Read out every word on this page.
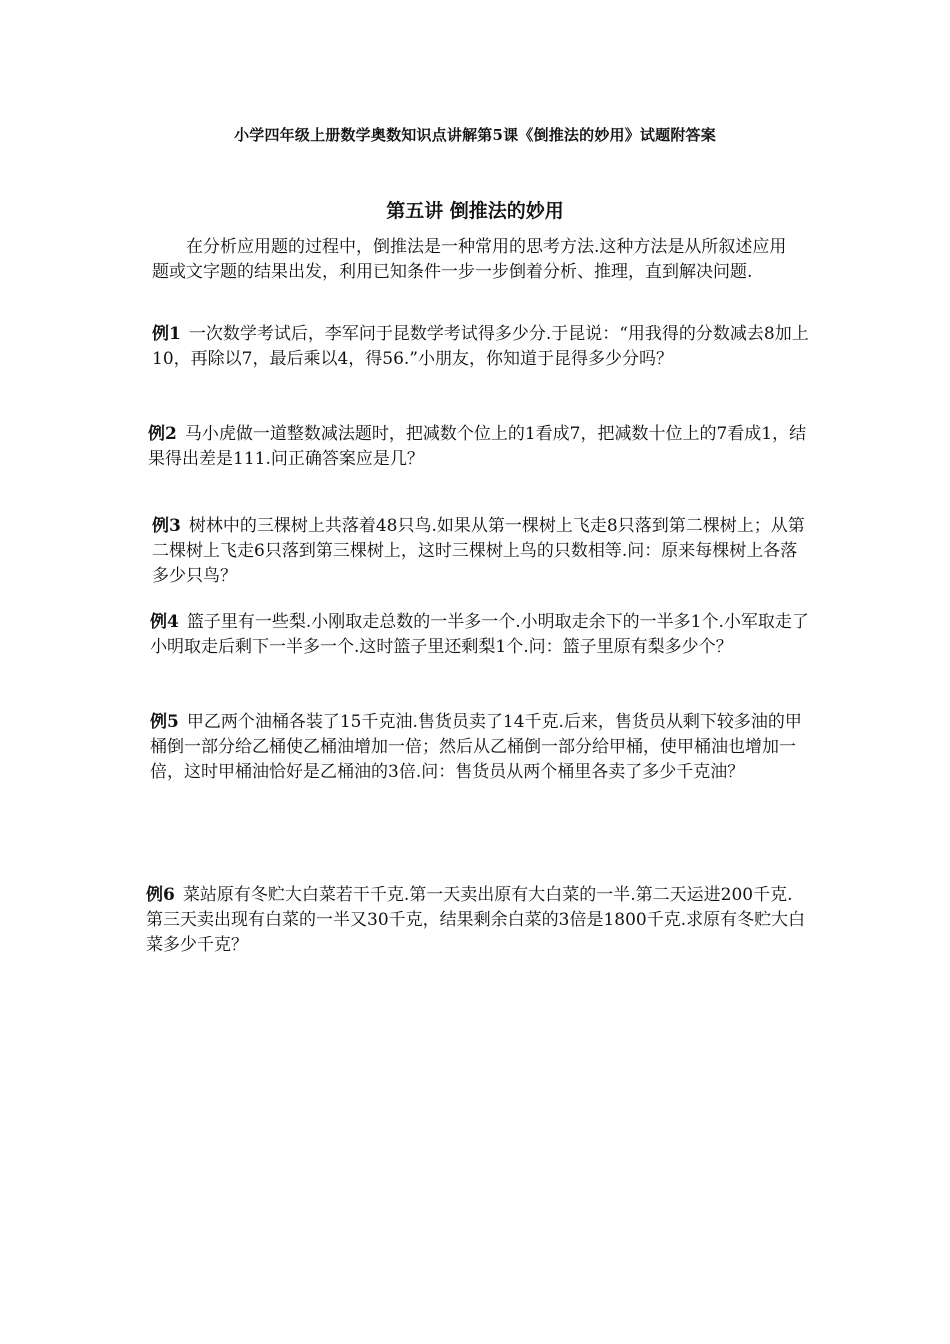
小学四年级上册数学奥数知识点讲解第5课《倒推法的妙用》试题附答案
第五讲 倒推法的妙用

在分析应用题的过程中，倒推法是一种常用的思考方法.这种方法是从所叙述应用题或文字题的结果出发，利用已知条件一步一步倒着分析、推理，直到解决问题.

例1 一次数学考试后，李军问于昆数学考试得多少分.于昆说：“用我得的分数减去8加上10，再除以7，最后乘以4，得56.”小朋友，你知道于昆得多少分吗？
例2 马小虎做一道整数减法题时，把减数个位上的1看成7，把减数十位上的7看成1，结果得出差是111.问正确答案应是几？
例3 树林中的三棵树上共落着48只鸟.如果从第一棵树上飞走8只落到第二棵树上；从第二棵树上飞走6只落到第三棵树上，这时三棵树上鸟的只数相等.问：原来每棵树上各落多少只鸟？
例4 篮子里有一些梨.小刚取走总数的一半多一个.小明取走余下的一半多1个.小军取走了小明取走后剩下一半多一个.这时篮子里还剩梨1个.问：篮子里原有梨多少个？
例5 甲乙两个油桶各装了15千克油.售货员卖了14千克.后来，售货员从剩下较多油的甲桶倒一部分给乙桶使乙桶油增加一倍；然后从乙桶倒一部分给甲桶，使甲桶油也增加一倍，这时甲桶油恰好是乙桶油的3倍.问：售货员从两个桶里各卖了多少千克油？
例6 菜站原有冬贮大白菜若干千克.第一天卖出原有大白菜的一半.第二天运进200千克.第三天卖出现有白菜的一半又30千克，结果剩余白菜的3倍是1800千克.求原有冬贮大白菜多少千克？
